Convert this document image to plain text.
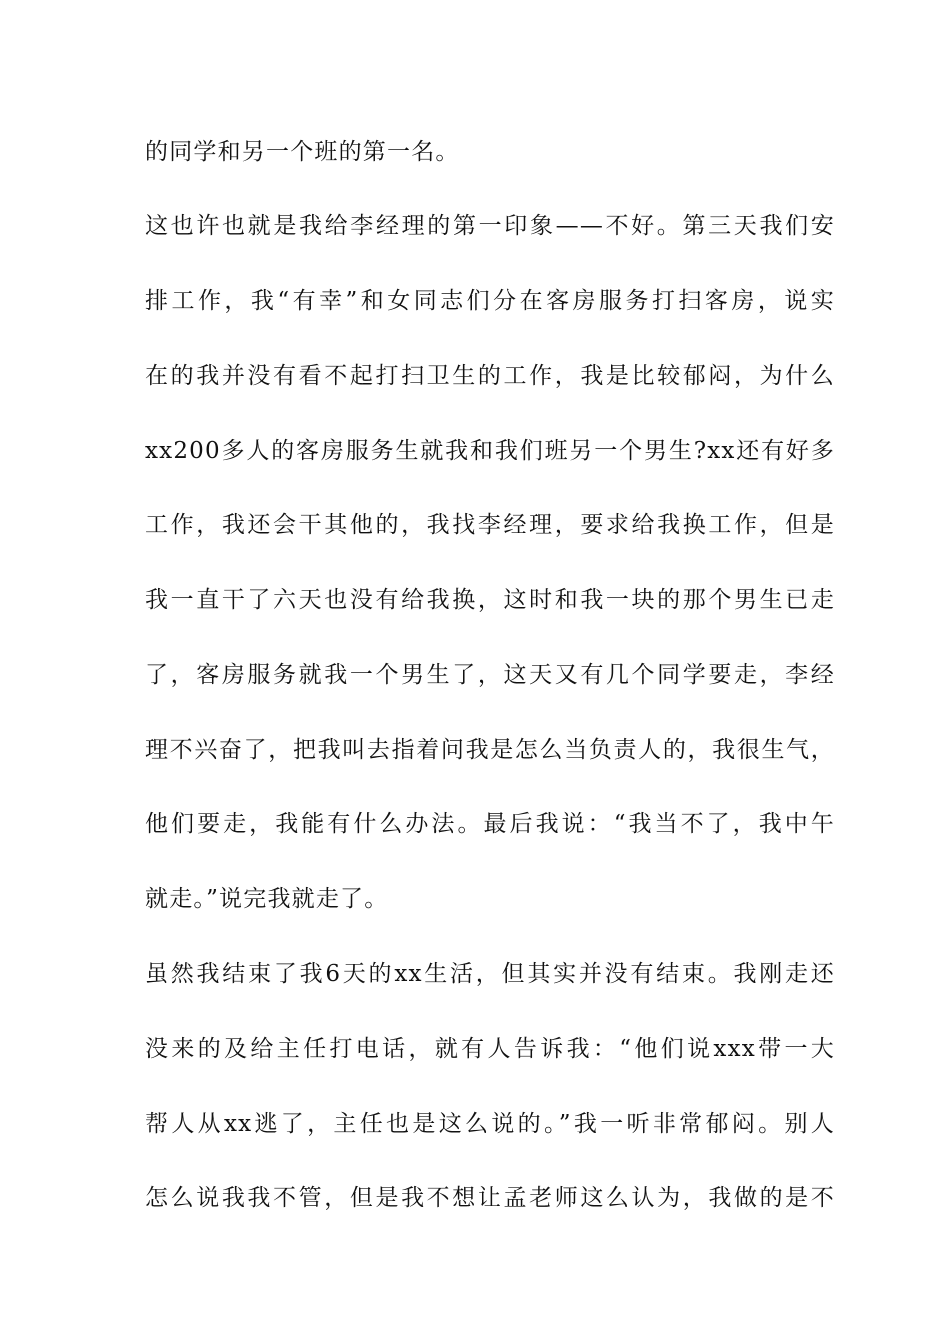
的同学和另一个班的第一名。
这也许也就是我给李经理的第一印象——不好。第三天我们安
排工作，我“有幸”和女同志们分在客房服务打扫客房，说实
在的我并没有看不起打扫卫生的工作，我是比较郁闷，为什么
xx200多人的客房服务生就我和我们班另一个男生?xx还有好多
工作，我还会干其他的，我找李经理，要求给我换工作，但是
我一直干了六天也没有给我换，这时和我一块的那个男生已走
了，客房服务就我一个男生了，这天又有几个同学要走，李经
理不兴奋了，把我叫去指着问我是怎么当负责人的，我很生气，
他们要走，我能有什么办法。最后我说：“我当不了，我中午
就走。”说完我就走了。
虽然我结束了我6天的xx生活，但其实并没有结束。我刚走还
没来的及给主任打电话，就有人告诉我：“他们说xxx带一大
帮人从xx逃了，主任也是这么说的。”我一听非常郁闷。别人
怎么说我我不管，但是我不想让孟老师这么认为，我做的是不
